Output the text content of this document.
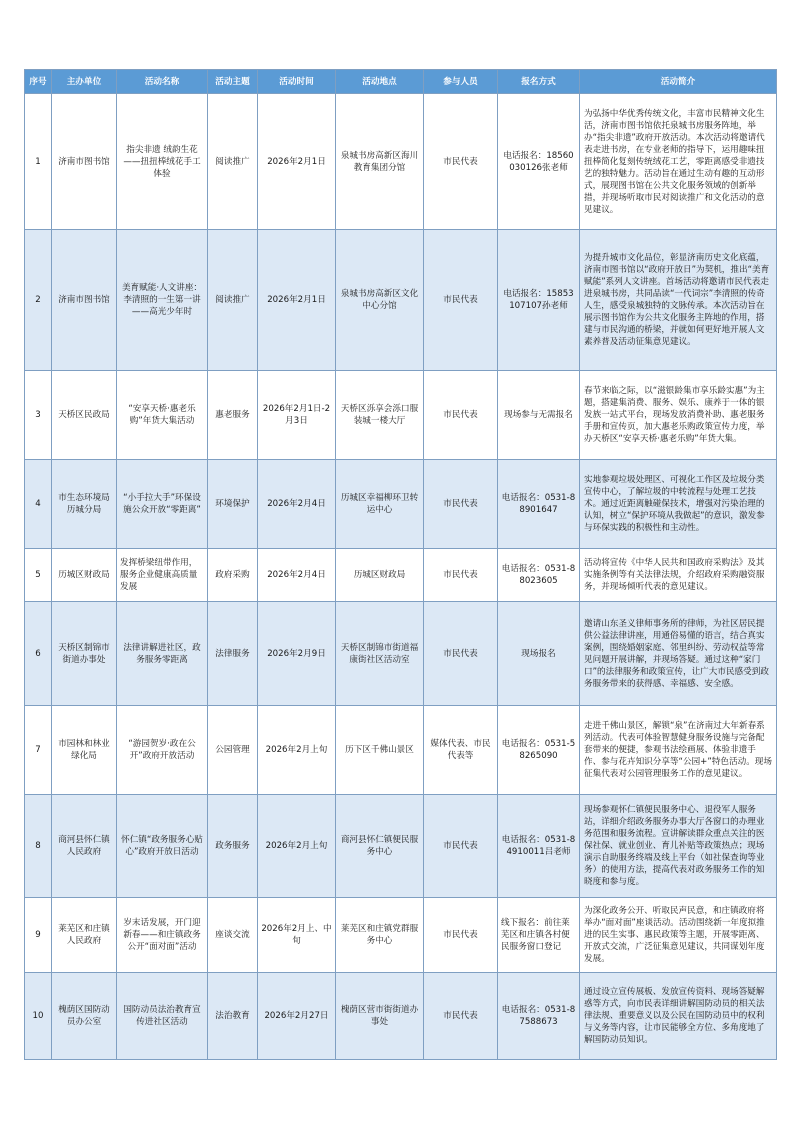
序号	主办单位	活动名称	活动主题	活动时间	活动地点	参与人员	报名方式	活动简介
1	济南市图书馆	指尖非遗 绒韵生花——扭扭棒绒花手工体验	阅读推广	2026年2月1日	泉城书房高新区海川教育集团分馆	市民代表	电话报名：18560030126张老师	为弘扬中华优秀传统文化，丰富市民精神文化生活，济南市图书馆依托泉城书房服务阵地，举办“指尖非遗”政府开放活动。本次活动将邀请代表走进书房，在专业老师的指导下，运用趣味扭扭棒简化复刻传统绒花工艺，零距离感受非遗技艺的独特魅力。活动旨在通过生动有趣的互动形式，展现图书馆在公共文化服务领域的创新举措，并现场听取市民对阅读推广和文化活动的意见建议。
2	济南市图书馆	美育赋能·人文讲座：李清照的一生第一讲——高光少年时	阅读推广	2026年2月1日	泉城书房高新区文化中心分馆	市民代表	电话报名：15853107107孙老师	为提升城市文化品位，彰显济南历史文化底蕴，济南市图书馆以“政府开放日”为契机，推出“美育赋能”系列人文讲座。首场活动将邀请市民代表走进泉城书房，共同品读“一代词宗”李清照的传奇人生，感受泉城独特的文脉传承。本次活动旨在展示图书馆作为公共文化服务主阵地的作用，搭建与市民沟通的桥梁，并就如何更好地开展人文素养普及活动征集意见建议。
3	天桥区民政局	“安享天桥·惠老乐购”年货大集活动	惠老服务	2026年2月1日-2月3日	天桥区泺享会泺口服装城一楼大厅	市民代表	现场参与无需报名	春节来临之际，以“滋银龄集市享乐龄实惠”为主题，搭建集消费、服务、娱乐、康养于一体的银发族一站式平台，现场发放消费补助、惠老服务手册和宣传页，加大惠老乐购政策宣传力度，举办天桥区“安享天桥·惠老乐购”年货大集。
4	市生态环境局历城分局	“小手拉大手”环保设施公众开放“零距离”	环境保护	2026年2月4日	历城区幸福柳环卫转运中心	市民代表	电话报名：0531-88901647	实地参观垃圾处理区、可视化工作区及垃圾分类宣传中心，了解垃圾的中转流程与处理工艺技术。通过近距离触碰保技术，增强对污染治理的认知，树立“保护环境从我做起”的意识，激发参与环保实践的积极性和主动性。
5	历城区财政局	发挥桥梁纽带作用，服务企业健康高质量发展	政府采购	2026年2月4日	历城区财政局	市民代表	电话报名：0531-88023605	活动将宣传《中华人民共和国政府采购法》及其实施条例等有关法律法规，介绍政府采购融资服务，并现场倾听代表的意见建议。
6	天桥区制锦市街道办事处	法律讲解进社区，政务服务零距离	法律服务	2026年2月9日	天桥区制锦市街道福康街社区活动室	市民代表	现场报名	邀请山东圣义律师事务所的律师，为社区居民提供公益法律讲座，用通俗易懂的语言，结合真实案例，围绕婚姻家庭、邻里纠纷、劳动权益等常见问题开展讲解，并现场答疑。通过这种“家门口”的法律服务和政策宣传，让广大市民感受到政务服务带来的获得感、幸福感、安全感。
7	市园林和林业绿化局	“游园贺岁·政在公开”政府开放活动	公园管理	2026年2月上旬	历下区千佛山景区	媒体代表、市民代表等	电话报名：0531-58265090	走进千佛山景区，解锁“泉”在济南过大年新春系列活动。代表可体验智慧健身服务设施与完备配套带来的便捷，参观书法绘画展、体验非遗手作、参与花卉知识分享等“公园+”特色活动。现场征集代表对公园管理服务工作的意见建议。
8	商河县怀仁镇人民政府	怀仁镇“政务服务心贴心”政府开放日活动	政务服务	2026年2月上旬	商河县怀仁镇便民服务中心	市民代表	电话报名：0531-84910011吕老师	现场参观怀仁镇便民服务中心、退役军人服务站，详细介绍政务服务办事大厅各窗口的办理业务范围和服务流程。宣讲解读群众重点关注的医保社保、就业创业、育儿补贴等政策热点；现场演示自助服务终端及线上平台（如社保查询等业务）的使用方法，提高代表对政务服务工作的知晓度和参与度。
9	莱芜区和庄镇人民政府	岁末话发展，开门迎新春——和庄镇政务公开“面对面”活动	座谈交流	2026年2月上、中旬	莱芜区和庄镇党群服务中心	市民代表	线下报名：前往莱芜区和庄镇各村便民服务窗口登记	为深化政务公开、听取民声民意，和庄镇政府将举办“面对面”座谈活动。活动围绕新一年度拟推进的民生实事、惠民政策等主题，开展零距离、开放式交流，广泛征集意见建议，共同谋划年度发展。
10	槐荫区国防动员办公室	国防动员法治教育宣传进社区活动	法治教育	2026年2月27日	槐荫区营市街街道办事处	市民代表	电话报名：0531-87588673	通过设立宣传展板、发放宣传资料、现场答疑解惑等方式，向市民表详细讲解国防动员的相关法律法规、重要意义以及公民在国防动员中的权利与义务等内容，让市民能够全方位、多角度地了解国防动员知识。
